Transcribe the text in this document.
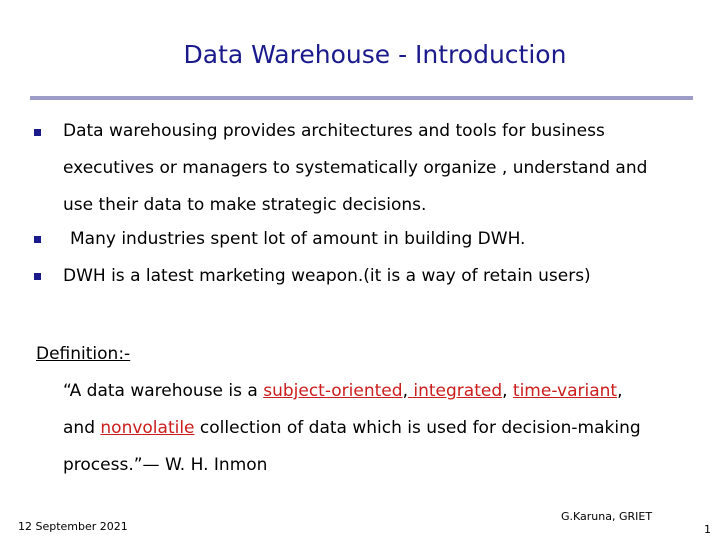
Data Warehouse - Introduction
Data warehousing provides architectures and tools for business
executives or managers to systematically organize , understand and
use their data to make strategic decisions.
Many industries spent lot of amount in building DWH.
DWH is a latest marketing weapon.(it is a way of retain users)
Definition:-
“A data warehouse is a subject-oriented, integrated, time-variant,
and nonvolatile collection of data which is used for decision-making
process.”— W. H. Inmon
12 September 2021
G.Karuna, GRIET
1
